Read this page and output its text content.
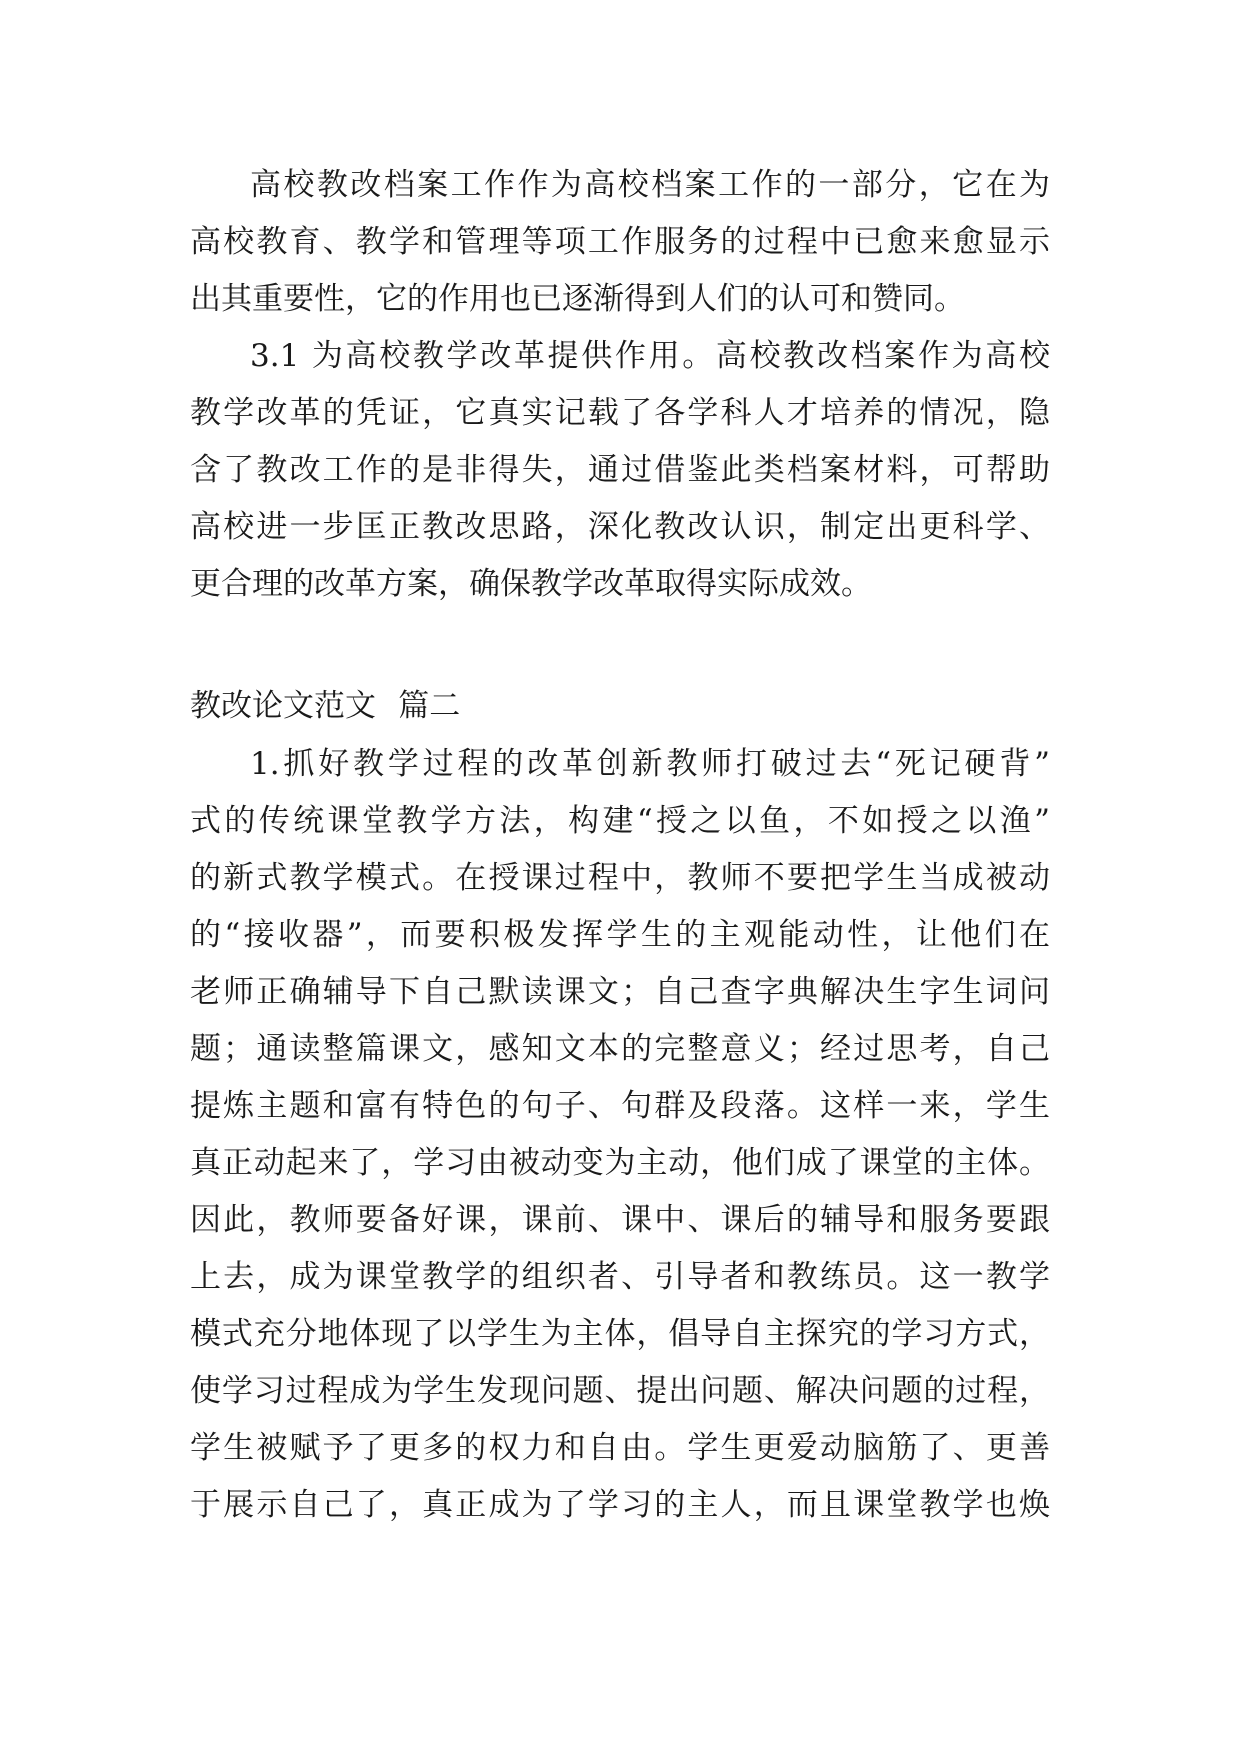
高校教改档案工作作为高校档案工作的一部分，它在为
高校教育、教学和管理等项工作服务的过程中已愈来愈显示
出其重要性，它的作用也已逐渐得到人们的认可和赞同。
3.1 为高校教学改革提供作用。高校教改档案作为高校
教学改革的凭证，它真实记载了各学科人才培养的情况，隐
含了教改工作的是非得失，通过借鉴此类档案材料，可帮助
高校进一步匡正教改思路，深化教改认识，制定出更科学、
更合理的改革方案，确保教学改革取得实际成效。
教改论文范文 篇二
1.抓好教学过程的改革创新教师打破过去“死记硬背”
式的传统课堂教学方法，构建“授之以鱼，不如授之以渔”
的新式教学模式。在授课过程中，教师不要把学生当成被动
的“接收器”，而要积极发挥学生的主观能动性，让他们在
老师正确辅导下自己默读课文；自己查字典解决生字生词问
题；通读整篇课文，感知文本的完整意义；经过思考，自己
提炼主题和富有特色的句子、句群及段落。这样一来，学生
真正动起来了，学习由被动变为主动，他们成了课堂的主体。
因此，教师要备好课，课前、课中、课后的辅导和服务要跟
上去，成为课堂教学的组织者、引导者和教练员。这一教学
模式充分地体现了以学生为主体，倡导自主探究的学习方式，
使学习过程成为学生发现问题、提出问题、解决问题的过程，
学生被赋予了更多的权力和自由。学生更爱动脑筋了、更善
于展示自己了，真正成为了学习的主人，而且课堂教学也焕
